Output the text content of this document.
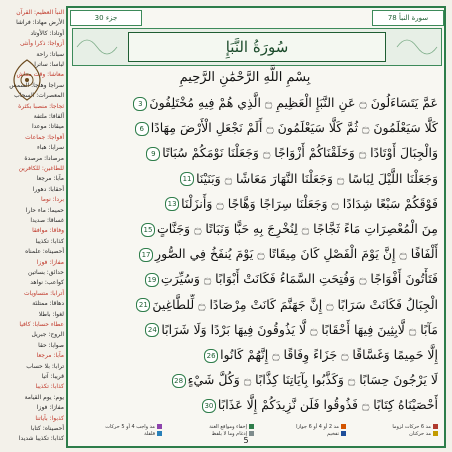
النبأ العظيم: القرآن
الأرض مهادا: فراشا
أوتادا: كالأوتاد
أزواجا: ذكرا وأنثى
سباتا: راحة
لباسا: ساترا
معاشا: وقت معاش
سراجا وهاجا: الشمس
المعصرات: السحاب
ثجاجا: منصبا بكثرة
ألفافا: ملتفة
ميقاتا: موعدا
أفواجا: جماعات
سرابا: هباء
مرصادا: مرصدة
للطاغين: للكافرين
مآبا: مرجعا
أحقابا: دهورا
بردا: نوما
حميما: ماء حارا
غساقا: صديدا
وفاقا: موافقا
كذابا: تكذيبا
أحصيناه: علمناه
مفازا: فوزا
حدائق: بساتين
كواعب: نواهد
أترابا: متساويات
دهاقا: ممتلئة
لغوا: باطلا
عطاء حسابا: كافيا
الروح: جبريل
صوابا: حقا
مآبا: مرجعا
ترابا: بلا حساب
قريبا: آتيا
كذابا: تكذيبا
يوم: يوم القيامة
مفازا: فوزا
كذبوا: بآياتنا
أحصيناه: كتابا
كذابا: تكذيبا شديدا
جزء 30	سورة النبأ 78
سُورَةُ النَّبَإِ
بِسْمِ اللَّهِ الرَّحْمَٰنِ الرَّحِيمِ
عَمَّ يَتَسَاءَلُونَ ۝ عَنِ النَّبَإِ الْعَظِيمِ ۝ الَّذِي هُمْ فِيهِ مُخْتَلِفُونَ3
كَلَّا سَيَعْلَمُونَ ۝ ثُمَّ كَلَّا سَيَعْلَمُونَ ۝ أَلَمْ نَجْعَلِ الْأَرْضَ مِهَادًا6
وَالْجِبَالَ أَوْتَادًا ۝ وَخَلَقْنَاكُمْ أَزْوَاجًا ۝ وَجَعَلْنَا نَوْمَكُمْ سُبَاتًا9
وَجَعَلْنَا اللَّيْلَ لِبَاسًا ۝ وَجَعَلْنَا النَّهَارَ مَعَاشًا ۝ وَبَنَيْنَا11
فَوْقَكُمْ سَبْعًا شِدَادًا ۝ وَجَعَلْنَا سِرَاجًا وَهَّاجًا ۝ وَأَنزَلْنَا13
مِنَ الْمُعْصِرَاتِ مَاءً ثَجَّاجًا ۝ لِنُخْرِجَ بِهِ حَبًّا وَنَبَاتًا ۝ وَجَنَّاتٍ15
أَلْفَافًا ۝ إِنَّ يَوْمَ الْفَصْلِ كَانَ مِيقَاتًا ۝ يَوْمَ يُنفَخُ فِي الصُّورِ17
فَتَأْتُونَ أَفْوَاجًا ۝ وَفُتِحَتِ السَّمَاءُ فَكَانَتْ أَبْوَابًا ۝ وَسُيِّرَتِ19
الْجِبَالُ فَكَانَتْ سَرَابًا ۝ إِنَّ جَهَنَّمَ كَانَتْ مِرْصَادًا ۝ لِّلطَّاغِينَ21
مَآبًا ۝ لَّابِثِينَ فِيهَا أَحْقَابًا ۝ لَّا يَذُوقُونَ فِيهَا بَرْدًا وَلَا شَرَابًا24
إِلَّا حَمِيمًا وَغَسَّاقًا ۝ جَزَاءً وِفَاقًا ۝ إِنَّهُمْ كَانُوا26
لَا يَرْجُونَ حِسَابًا ۝ وَكَذَّبُوا بِآيَاتِنَا كِذَّابًا ۝ وَكُلَّ شَيْءٍ28
أَحْصَيْنَاهُ كِتَابًا ۝ فَذُوقُوا فَلَن نَّزِيدَكُمْ إِلَّا عَذَابًا30
مد 6 حركات لزوما
مد 2 أو 4 أو 6 جوازا
إخفاء ومواقع الغنة
مد واجب 4 أو 5 حركات
مد حركتان
تفخيم
إدغام وما لا يلفظ
قلقلة
5
